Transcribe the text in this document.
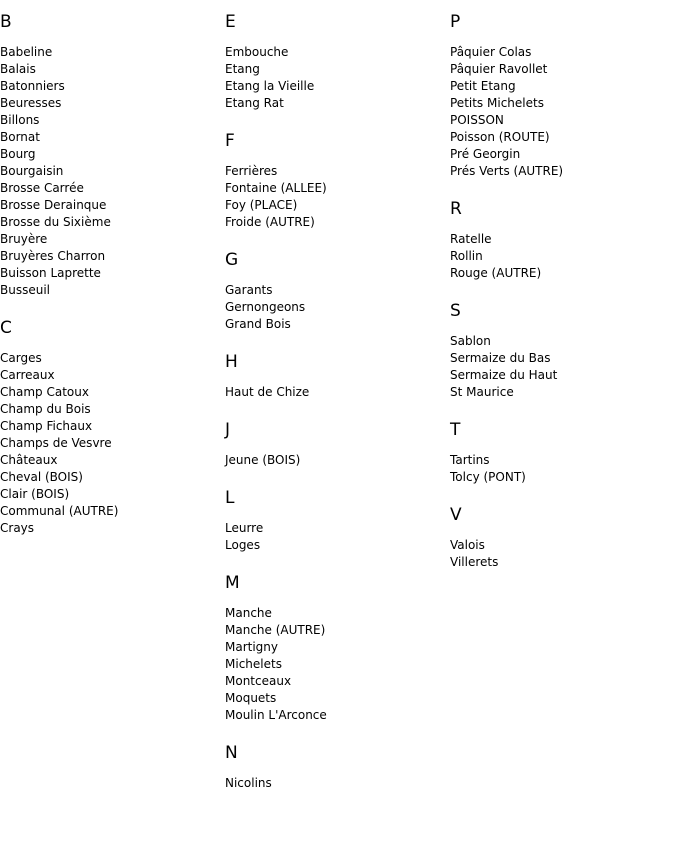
B
Babeline
Balais
Batonniers
Beuresses
Billons
Bornat
Bourg
Bourgaisin
Brosse Carrée
Brosse Derainque
Brosse du Sixième
Bruyère
Bruyères Charron
Buisson Laprette
Busseuil
C
Carges
Carreaux
Champ Catoux
Champ du Bois
Champ Fichaux
Champs de Vesvre
Châteaux
Cheval (BOIS)
Clair (BOIS)
Communal (AUTRE)
Crays
E
Embouche
Etang
Etang la Vieille
Etang Rat
F
Ferrières
Fontaine (ALLEE)
Foy (PLACE)
Froide (AUTRE)
G
Garants
Gernongeons
Grand Bois
H
Haut de Chize
J
Jeune (BOIS)
L
Leurre
Loges
M
Manche
Manche (AUTRE)
Martigny
Michelets
Montceaux
Moquets
Moulin L'Arconce
N
Nicolins
P
Pâquier Colas
Pâquier Ravollet
Petit Etang
Petits Michelets
POISSON
Poisson (ROUTE)
Pré Georgin
Prés Verts (AUTRE)
R
Ratelle
Rollin
Rouge (AUTRE)
S
Sablon
Sermaize du Bas
Sermaize du Haut
St Maurice
T
Tartins
Tolcy (PONT)
V
Valois
Villerets
